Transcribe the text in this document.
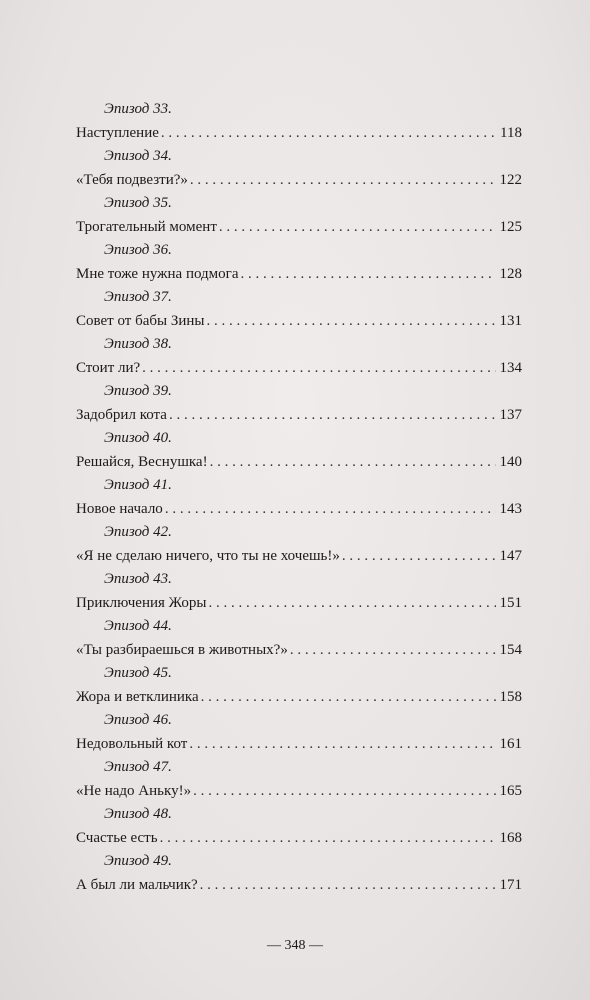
Эпизод 33.
Наступление . . .	118
Эпизод 34.
«Тебя подвезти?» . . .	122
Эпизод 35.
Трогательный момент . . .	125
Эпизод 36.
Мне тоже нужна подмога . . .	128
Эпизод 37.
Совет от бабы Зины . . .	131
Эпизод 38.
Стоит ли? . . .	134
Эпизод 39.
Задобрил кота . . .	137
Эпизод 40.
Решайся, Веснушка! . . .	140
Эпизод 41.
Новое начало . . .	143
Эпизод 42.
«Я не сделаю ничего, что ты не хочешь!» . . .	147
Эпизод 43.
Приключения Жоры . . .	151
Эпизод 44.
«Ты разбираешься в животных?» . . .	154
Эпизод 45.
Жора и ветклиника . . .	158
Эпизод 46.
Недовольный кот . . .	161
Эпизод 47.
«Не надо Аньку!» . . .	165
Эпизод 48.
Счастье есть . . .	168
Эпизод 49.
А был ли мальчик? . . .	171
— 348 —
